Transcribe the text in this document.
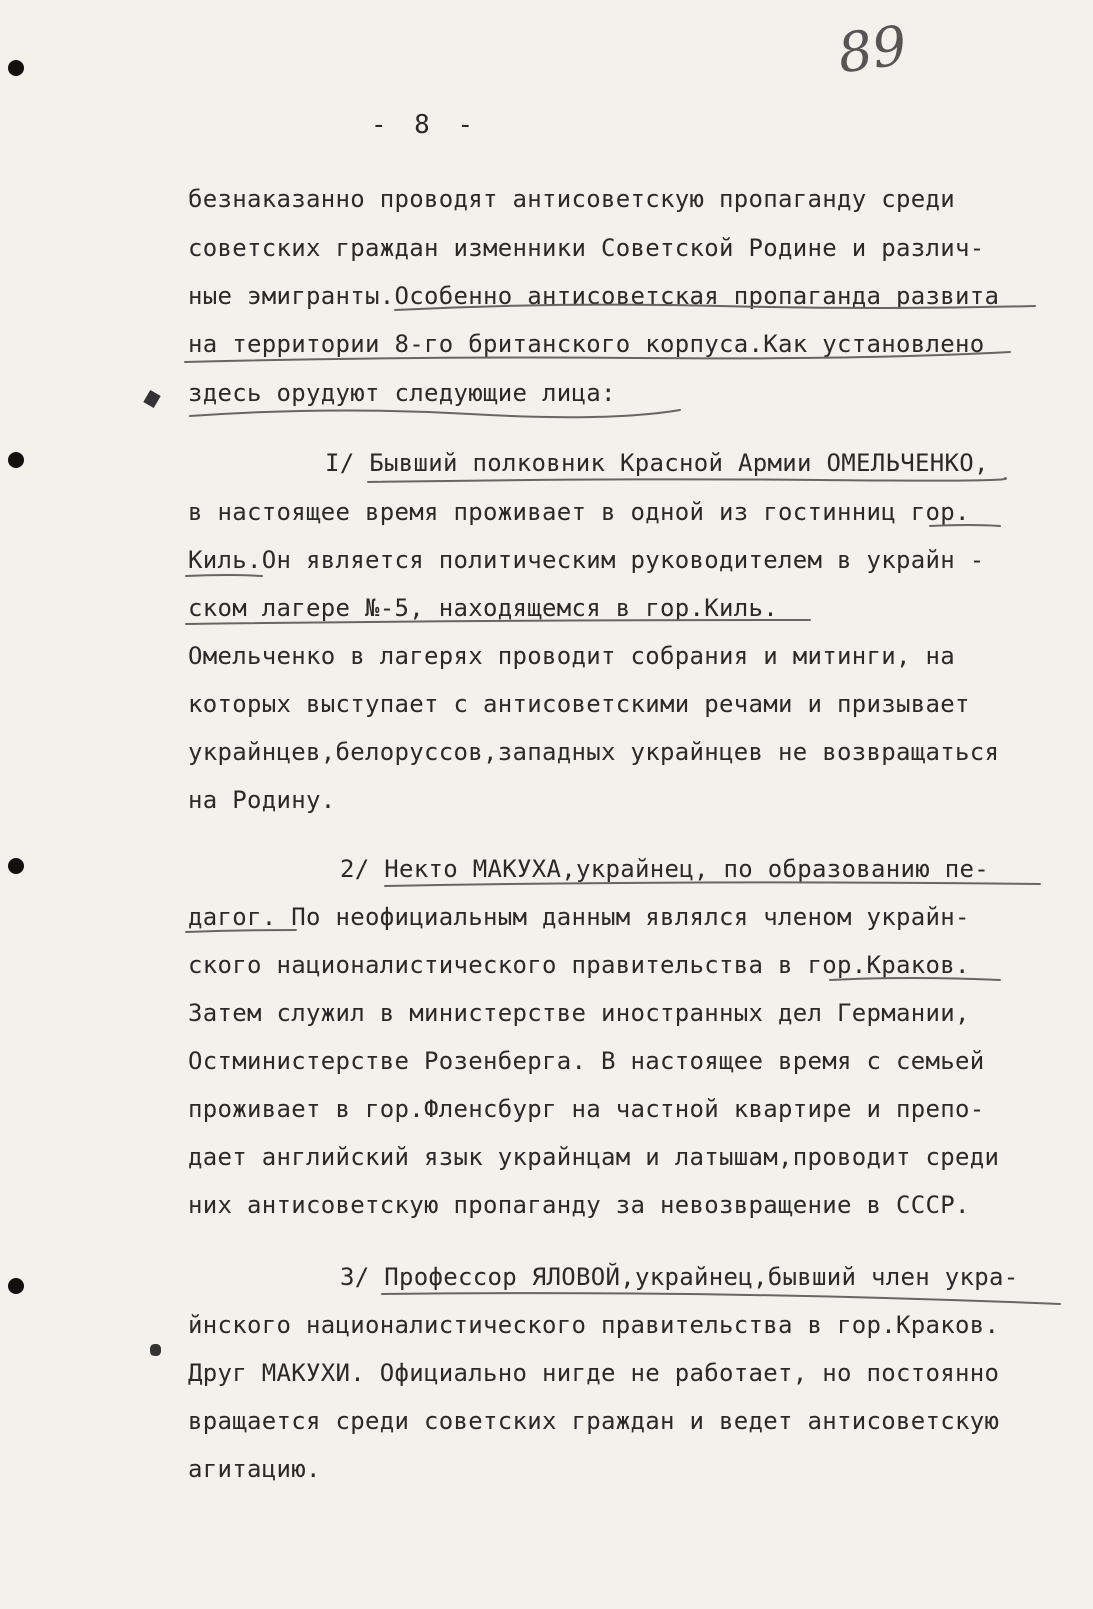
89
- 8 -
безнаказанно проводят антисоветскую пропаганду среди
советских граждан изменники Советской Родине и различ-
ные эмигранты.Особенно антисоветская пропаганда развита
на территории 8-го британского корпуса.Как установлено
здесь орудуют следующие лица:
I/ Бывший полковник Красной Армии ОМЕЛЬЧЕНКО,
в настоящее время проживает в одной из гостинниц гор.
Киль.Он является политическим руководителем в украйн -
ском лагере №-5, находящемся в гор.Киль.
Омельченко в лагерях проводит собрания и митинги, на
которых выступает с антисоветскими речами и призывает
украйнцев,белоруссов,западных украйнцев не возвращаться
на Родину.
2/ Некто МАКУХА,украйнец, по образованию пе-
дагог. По неофициальным данным являлся членом украйн-
ского националистического правительства в гор.Краков.
Затем служил в министерстве иностранных дел Германии,
Остминистерстве Розенберга. В настоящее время с семьей
проживает в гор.Фленсбург на частной квартире и препо-
дает английский язык украйнцам и латышам,проводит среди
них антисоветскую пропаганду за невозвращение в СССР.
3/ Профессор ЯЛОВОЙ,украйнец,бывший член укра-
йнского националистического правительства в гор.Краков.
Друг МАКУХИ. Официально нигде не работает, но постоянно
вращается среди советских граждан и ведет антисоветскую
агитацию.
